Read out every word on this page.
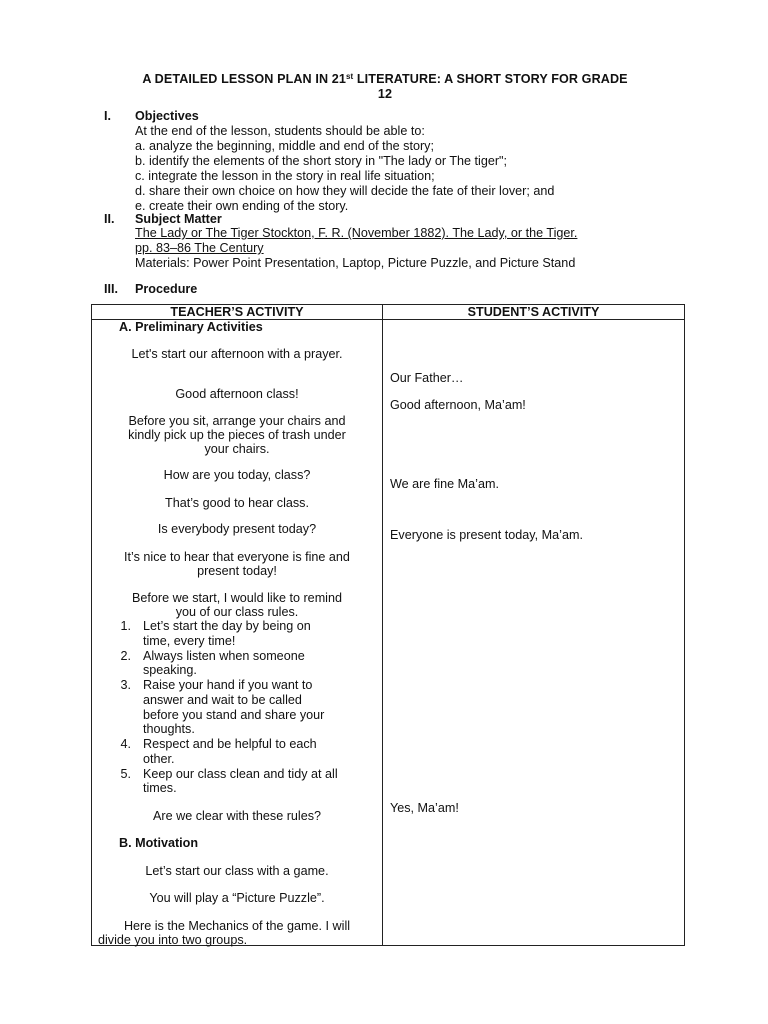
A DETAILED LESSON PLAN IN 21st LITERATURE: A SHORT STORY FOR GRADE
12
I. Objectives
At the end of the lesson, students should be able to:
a. analyze the beginning, middle and end of the story;
b. identify the elements of the short story in "The lady or The tiger";
c. integrate the lesson in the story in real life situation;
d. share their own choice on how they will decide the fate of their lover; and
e. create their own ending of the story.
II. Subject Matter
The Lady or The Tiger Stockton, F. R. (November 1882). The Lady, or the Tiger.
pp. 83–86 The Century
Materials: Power Point Presentation, Laptop, Picture Puzzle, and Picture Stand
III. Procedure
TEACHER’S ACTIVITY	STUDENT’S ACTIVITY
A. Preliminary Activities
Let's start our afternoon with a prayer.
Good afternoon class!
Before you sit, arrange your chairs and
kindly pick up the pieces of trash under
your chairs.
How are you today, class?
That’s good to hear class.
Is everybody present today?
It’s nice to hear that everyone is fine and
present today!
Before we start, I would like to remind
you of our class rules.
1. Let’s start the day by being on
time, every time!
2. Always listen when someone
speaking.
3. Raise your hand if you want to
answer and wait to be called
before you stand and share your
thoughts.
4. Respect and be helpful to each
other.
5. Keep our class clean and tidy at all
times.
Are we clear with these rules?
B. Motivation
Let’s start our class with a game.
You will play a “Picture Puzzle”.
Here is the Mechanics of the game. I will
divide you into two groups.
Our Father…
Good afternoon, Ma’am!
We are fine Ma’am.
Everyone is present today, Ma’am.
Yes, Ma’am!
